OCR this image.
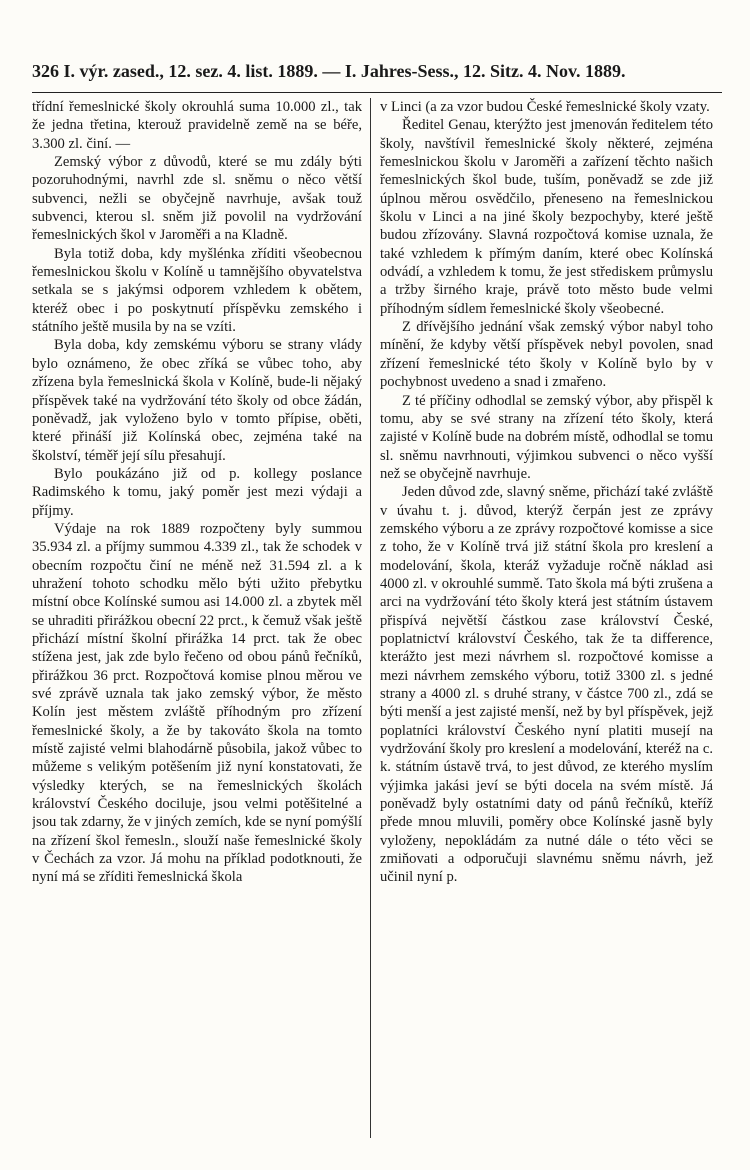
326 I. výr. zased., 12. sez. 4. list. 1889. — I. Jahres-Sess., 12. Sitz. 4. Nov. 1889.

třídní řemeslnické školy okrouhlá suma 10.000 zl., tak že jedna třetina, kterouž pravidelně země na se béře, 3.300 zl. činí. —

Zemský výbor z důvodů, které se mu zdály býti pozoruhodnými, navrhl zde sl. sněmu o něco větší subvenci, nežli se obyčejně navrhuje, avšak touž subvenci, kterou sl. sněm již povolil na vydržování řemeslnických škol v Jaroměři a na Kladně.

Byla totiž doba, kdy myšlénka zříditi všeobecnou řemeslnickou školu v Kolíně u tamnějšího obyvatelstva setkala se s jakýmsi odporem vzhledem k obětem, kteréž obec i po poskytnutí příspěvku zemského i státního ještě musila by na se vzíti.

Byla doba, kdy zemskému výboru se strany vlády bylo oznámeno, že obec zříká se vůbec toho, aby zřízena byla řemeslnická škola v Kolíně, bude-li nějaký příspěvek také na vydržování této školy od obce žádán, poněvadž, jak vyloženo bylo v tomto přípise, oběti, které přináší již Kolínská obec, zejména také na školství, téměř její sílu přesahují.

Bylo poukázáno již od p. kollegy poslance Radimského k tomu, jaký poměr jest mezi výdaji a příjmy.

Výdaje na rok 1889 rozpočteny byly summou 35.934 zl. a příjmy summou 4.339 zl., tak že schodek v obecním rozpočtu činí ne méně než 31.594 zl. a k uhražení tohoto schodku mělo býti užito přebytku místní obce Kolínské sumou asi 14.000 zl. a zbytek měl se uhraditi přirážkou obecní 22 prct., k čemuž však ještě přichází místní školní přirážka 14 prct. tak že obec stížena jest, jak zde bylo řečeno od obou pánů řečníků, přirážkou 36 prct. Rozpočtová komise plnou měrou ve své zprávě uznala tak jako zemský výbor, že město Kolín jest městem zvláště příhodným pro zřízení řemeslnické školy, a že by takováto škola na tomto místě zajisté velmi blahodárně působila, jakož vůbec to můžeme s velikým potěšením již nyní konstatovati, že výsledky kterých, se na řemeslnických školách království Českého dociluje, jsou velmi potěšitelné a jsou tak zdarny, že v jiných zemích, kde se nyní pomýšlí na zřízení škol řemesln., slouží naše řemeslnické školy v Čechách za vzor. Já mohu na příklad podotknouti, že nyní má se zříditi řemeslnická škola

v Linci (a za vzor budou České řemeslnické školy vzaty.

Ředitel Genau, kterýžto jest jmenován ředitelem této školy, navštívil řemeslnické školy některé, zejména řemeslnickou školu v Jaroměři a zařízení těchto našich řemeslnických škol bude, tuším, poněvadž se zde již úplnou měrou osvědčilo, přeneseno na řemeslnickou školu v Linci a na jiné školy bezpochyby, které ještě budou zřízovány. Slavná rozpočtová komise uznala, že také vzhledem k přímým daním, které obec Kolínská odvádí, a vzhledem k tomu, že jest střediskem průmyslu a tržby širného kraje, právě toto město bude velmi příhodným sídlem řemeslnické školy všeobecné.

Z dřívějšího jednání však zemský výbor nabyl toho mínění, že kdyby větší příspěvek nebyl povolen, snad zřízení řemeslnické této školy v Kolíně bylo by v pochybnost uvedeno a snad i zmařeno.

Z té příčiny odhodlal se zemský výbor, aby přispěl k tomu, aby se své strany na zřízení této školy, která zajisté v Kolíně bude na dobrém místě, odhodlal se tomu sl. sněmu navrhnouti, výjimkou subvenci o něco vyšší než se obyčejně navrhuje.

Jeden důvod zde, slavný sněme, přichází také zvláště v úvahu t. j. důvod, kterýž čerpán jest ze zprávy zemského výboru a ze zprávy rozpočtové komisse a sice z toho, že v Kolíně trvá již státní škola pro kreslení a modelování, škola, kteráž vyžaduje ročně náklad asi 4000 zl. v okrouhlé summě. Tato škola má býti zrušena a arci na vydržování této školy která jest státním ústavem přispívá největší částkou zase království České, poplatnictví království Českého, tak že ta difference, kterážto jest mezi návrhem sl. rozpočtové komisse a mezi návrhem zemského výboru, totiž 3300 zl. s jedné strany a 4000 zl. s druhé strany, v částce 700 zl., zdá se býti menší a jest zajisté menší, než by byl příspěvek, jejž poplatníci království Českého nyní platiti musejí na vydržování školy pro kreslení a modelování, kteréž na c. k. státním ústavě trvá, to jest důvod, ze kterého myslím výjimka jakási jeví se býti docela na svém místě. Já poněvadž byly ostatními daty od pánů řečníků, kteříž přede mnou mluvili, poměry obce Kolínské jasně byly vyloženy, nepokládám za nutné dále o této věci se zmiňovati a odporučuji slavnému sněmu návrh, jež učinil nyní p.
